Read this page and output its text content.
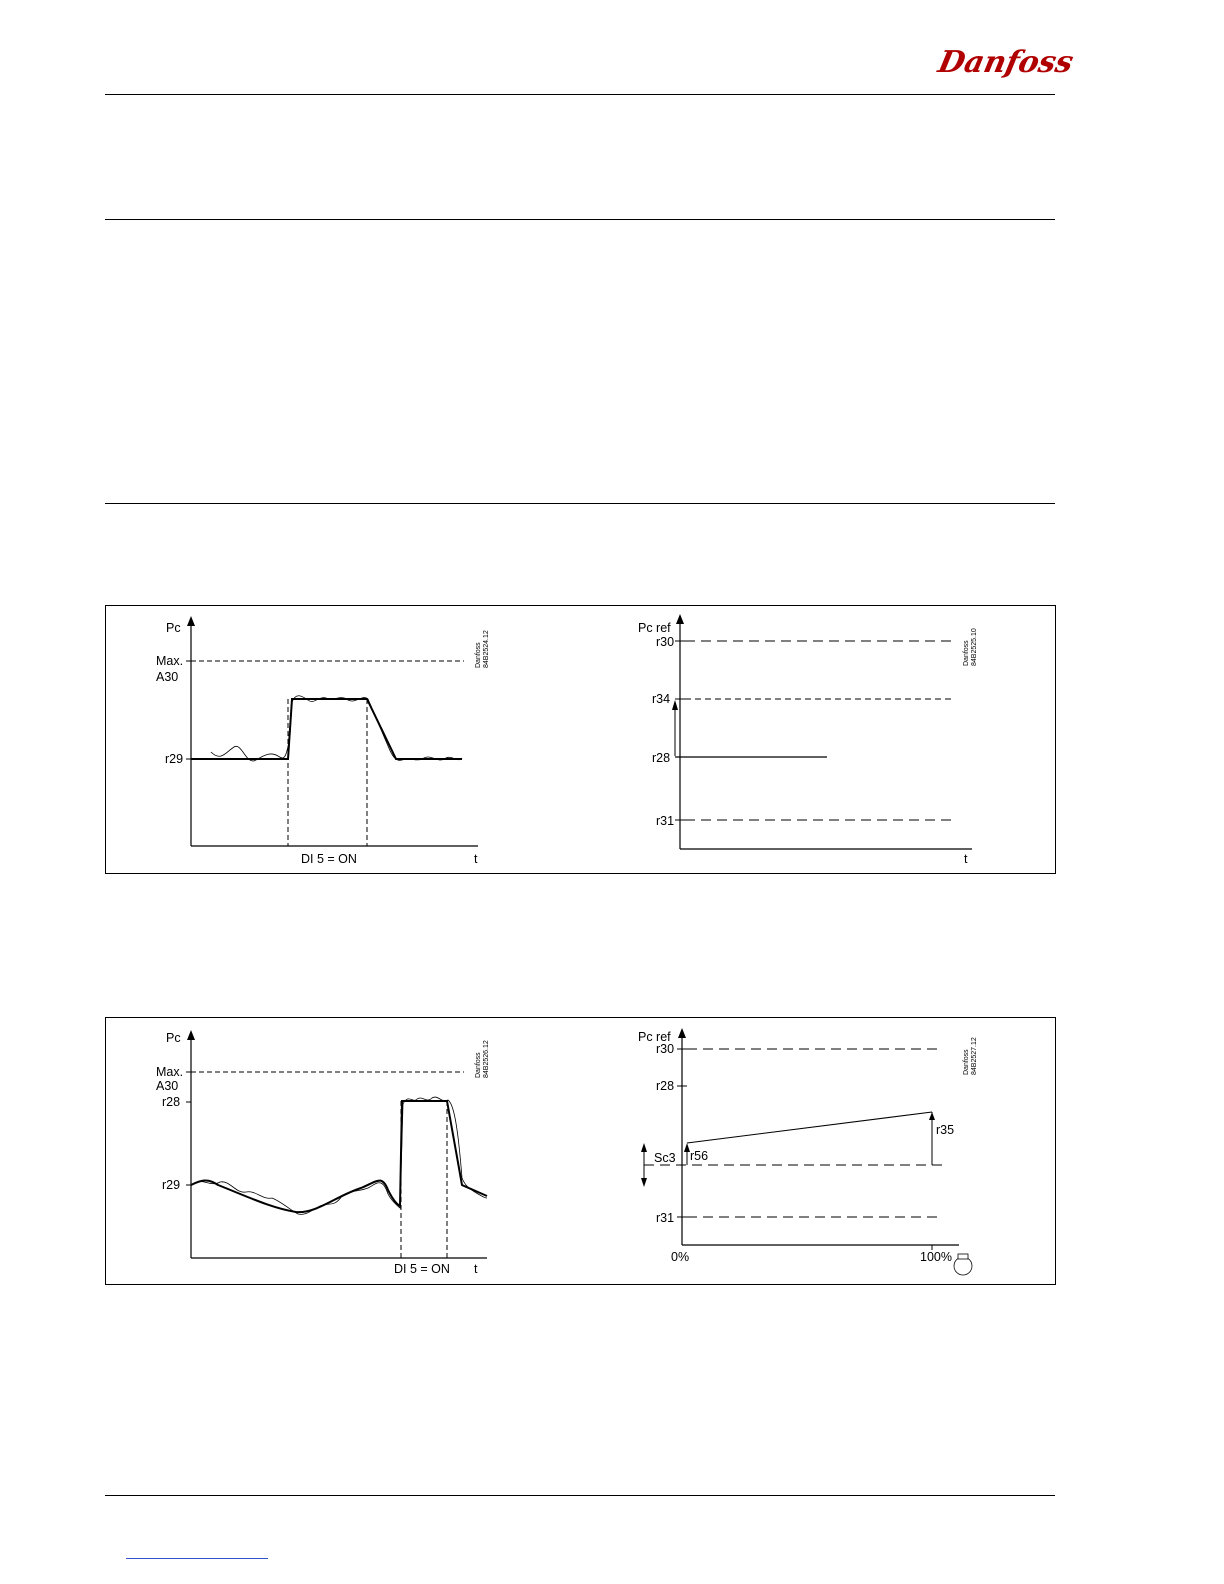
Danfoss
Pc
t
Max.
A30
r29
DI 5 = ON
Danfoss 84B2524.12
Pc ref
t
r30
r34
r28
r31
Danfoss 84B2525.10
Pc
t
Max.
A30
r28
r29
DI 5 = ON
Danfoss 84B2526.12
Pc ref
r30
r28
r35
r56
Sc3
r31
0%	100%
Danfoss 84B2527.12
